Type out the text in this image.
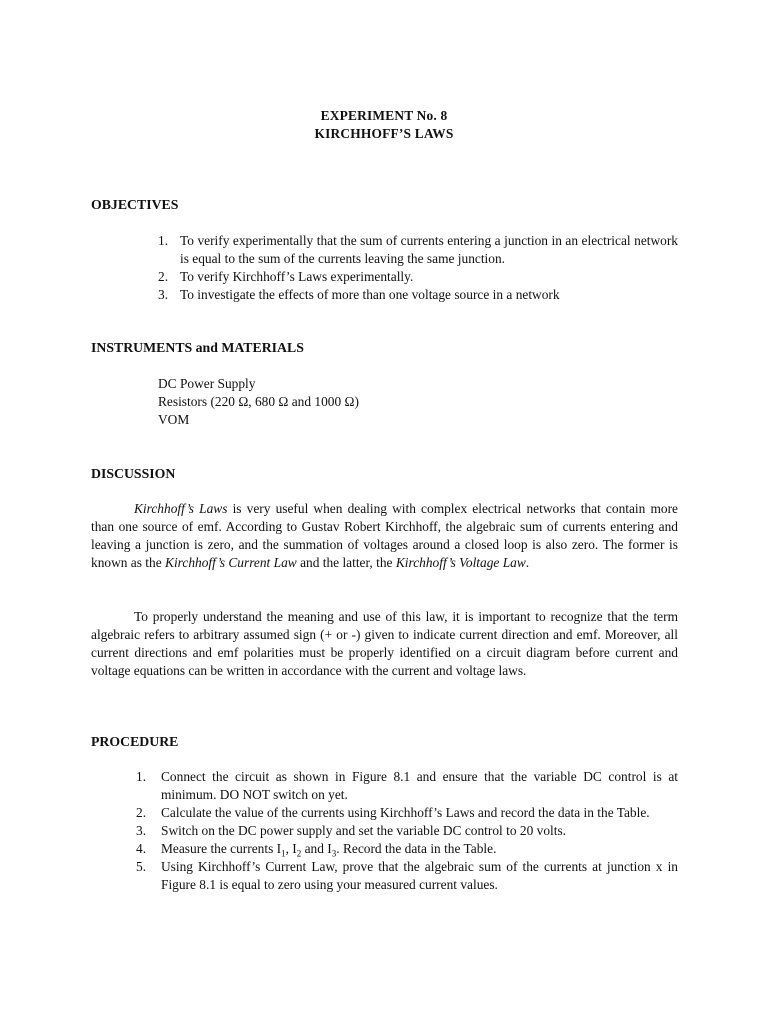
EXPERIMENT No. 8
KIRCHHOFF’S LAWS
OBJECTIVES
1. To verify experimentally that the sum of currents entering a junction in an electrical network is equal to the sum of the currents leaving the same junction.
2. To verify Kirchhoff’s Laws experimentally.
3. To investigate the effects of more than one voltage source in a network
INSTRUMENTS and MATERIALS
DC Power Supply
Resistors (220 Ω, 680 Ω and 1000 Ω)
VOM
DISCUSSION

Kirchhoff’s Laws is very useful when dealing with complex electrical networks that contain more than one source of emf. According to Gustav Robert Kirchhoff, the algebraic sum of currents entering and leaving a junction is zero, and the summation of voltages around a closed loop is also zero. The former is known as the Kirchhoff’s Current Law and the latter, the Kirchhoff’s Voltage Law.

To properly understand the meaning and use of this law, it is important to recognize that the term algebraic refers to arbitrary assumed sign (+ or -) given to indicate current direction and emf. Moreover, all current directions and emf polarities must be properly identified on a circuit diagram before current and voltage equations can be written in accordance with the current and voltage laws.

PROCEDURE
1. Connect the circuit as shown in Figure 8.1 and ensure that the variable DC control is at minimum. DO NOT switch on yet.
2. Calculate the value of the currents using Kirchhoff’s Laws and record the data in the Table.
3. Switch on the DC power supply and set the variable DC control to 20 volts.
4. Measure the currents $I_1$, $I_2$ and $I_3$. Record the data in the Table.
5. Using Kirchhoff’s Current Law, prove that the algebraic sum of the currents at junction x in Figure 8.1 is equal to zero using your measured current values.
